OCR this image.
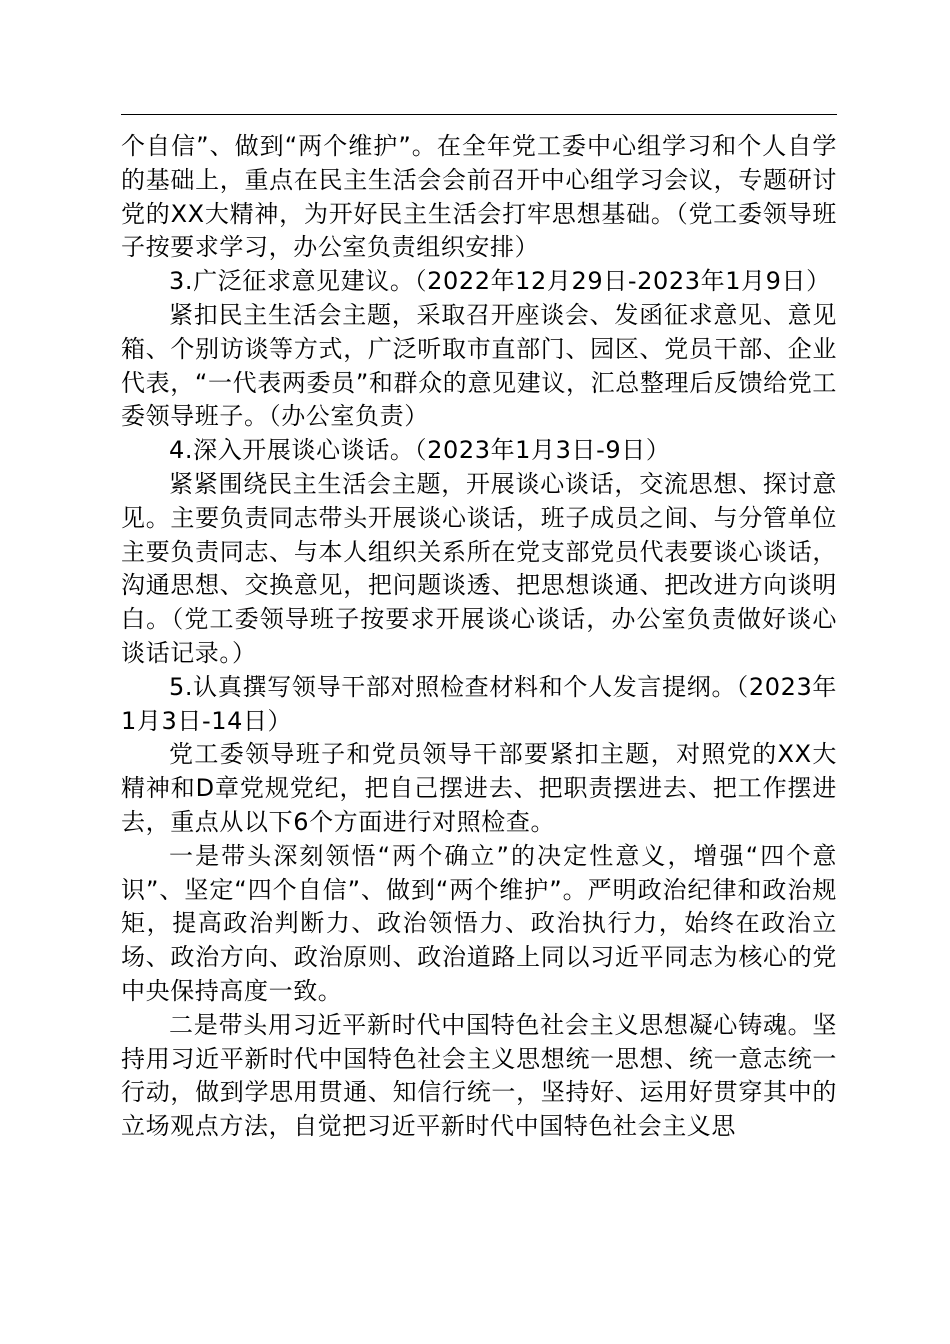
个自信”、做到“两个维护”。在全年党工委中心组学习和个人自学的基础上，重点在民主生活会会前召开中心组学习会议，专题研讨党的XX大精神，为开好民主生活会打牢思想基础。（党工委领导班子按要求学习，办公室负责组织安排）

3.广泛征求意见建议。（2022年12月29日-2023年1月9日）

紧扣民主生活会主题，采取召开座谈会、发函征求意见、意见箱、个别访谈等方式，广泛听取市直部门、园区、党员干部、企业代表，“一代表两委员”和群众的意见建议，汇总整理后反馈给党工委领导班子。（办公室负责）

4.深入开展谈心谈话。（2023年1月3日-9日）

紧紧围绕民主生活会主题，开展谈心谈话，交流思想、探讨意见。主要负责同志带头开展谈心谈话，班子成员之间、与分管单位主要负责同志、与本人组织关系所在党支部党员代表要谈心谈话，沟通思想、交换意见，把问题谈透、把思想谈通、把改进方向谈明白。（党工委领导班子按要求开展谈心谈话，办公室负责做好谈心谈话记录。）

5.认真撰写领导干部对照检查材料和个人发言提纲。（2023年1月3日-14日）

党工委领导班子和党员领导干部要紧扣主题，对照党的XX大精神和D章党规党纪，把自己摆进去、把职责摆进去、把工作摆进去，重点从以下6个方面进行对照检查。

一是带头深刻领悟“两个确立”的决定性意义，增强“四个意识”、坚定“四个自信”、做到“两个维护”。严明政治纪律和政治规矩，提高政治判断力、政治领悟力、政治执行力，始终在政治立场、政治方向、政治原则、政治道路上同以习近平同志为核心的党中央保持高度一致。

二是带头用习近平新时代中国特色社会主义思想凝心铸魂。坚持用习近平新时代中国特色社会主义思想统一思想、统一意志统一行动，做到学思用贯通、知信行统一，坚持好、运用好贯穿其中的立场观点方法，自觉把习近平新时代中国特色社会主义思
